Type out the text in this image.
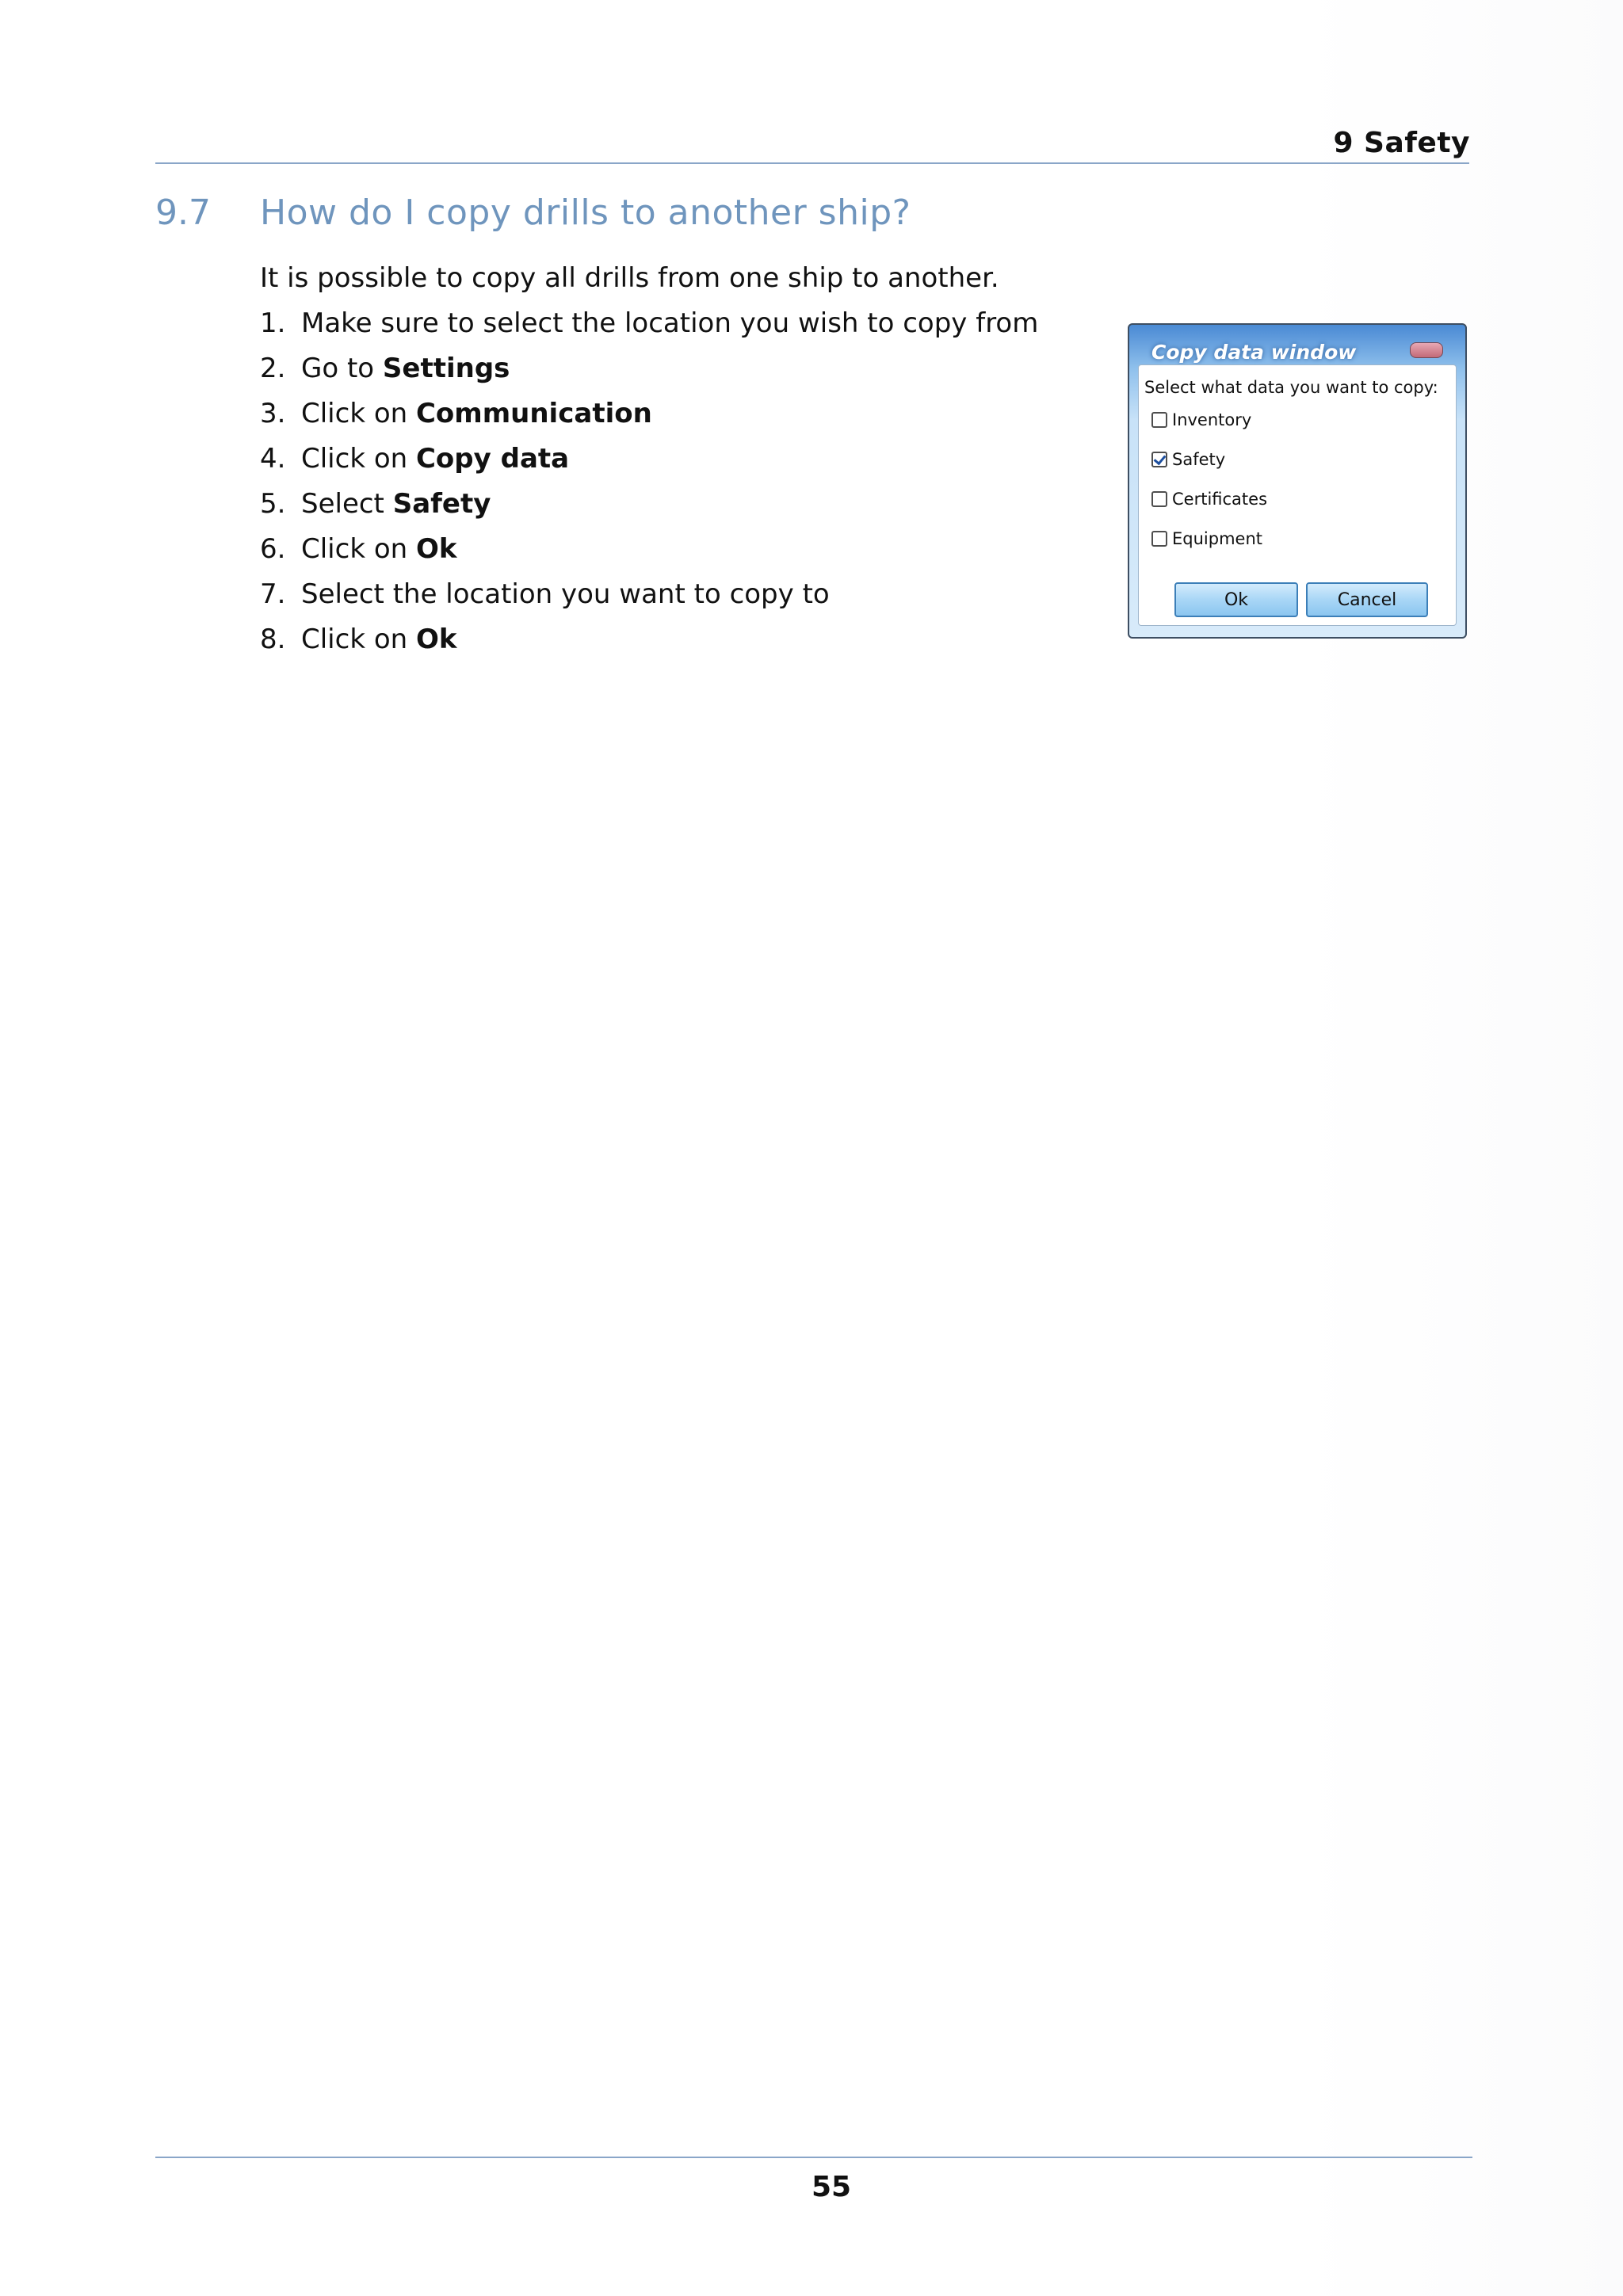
9 Safety
9.7 How do I copy drills to another ship?
It is possible to copy all drills from one ship to another.
1. Make sure to select the location you wish to copy from
2. Go to Settings
3. Click on Communication
4. Click on Copy data
5. Select Safety
6. Click on Ok
7. Select the location you want to copy to
8. Click on Ok
Copy data window
Select what data you want to copy:
Inventory
Safety
Certificates
Equipment
Ok	Cancel
55
